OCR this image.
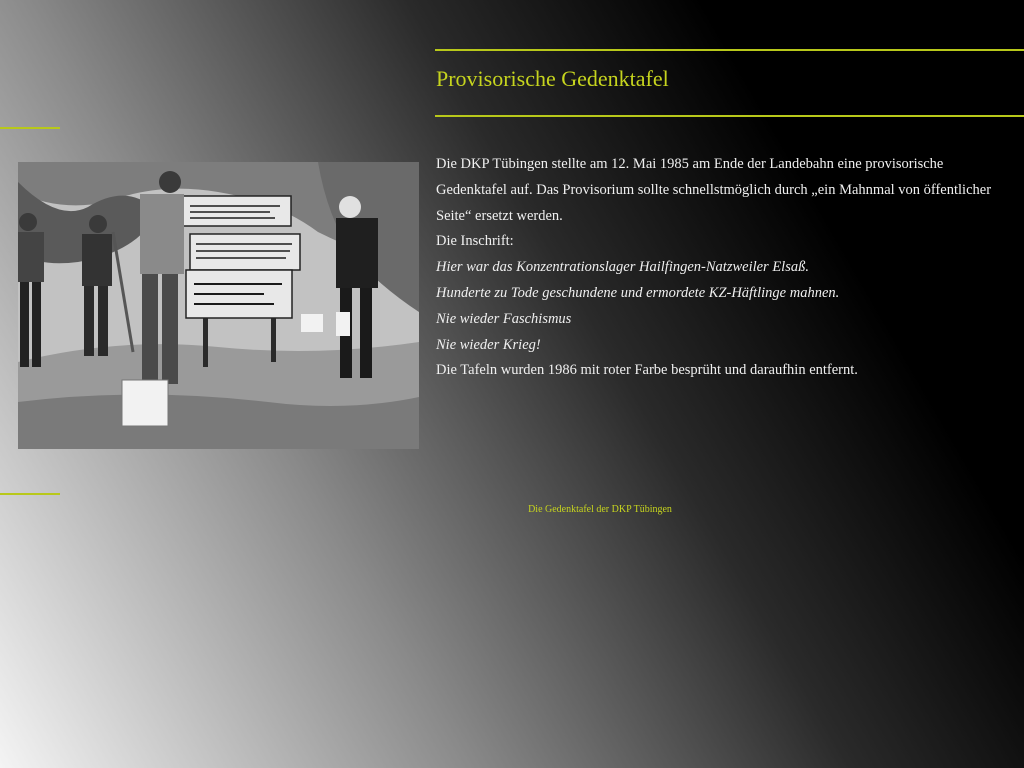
Provisorische Gedenktafel

Die DKP Tübingen stellte am 12. Mai 1985 am Ende der Landebahn eine provisorische Gedenktafel auf. Das Provisorium sollte schnellstmöglich durch „ein Mahnmal von öffentlicher Seite“ ersetzt werden.

Die Inschrift:

Hier war das Konzentrationslager Hailfingen-Natzweiler Elsaß.

Hunderte zu Tode geschundene und ermordete KZ-Häftlinge mahnen.

Nie wieder Faschismus

Nie wieder Krieg!

Die Tafeln wurden 1986 mit roter Farbe besprüht und daraufhin entfernt.

Die Gedenktafel der DKP Tübingen
